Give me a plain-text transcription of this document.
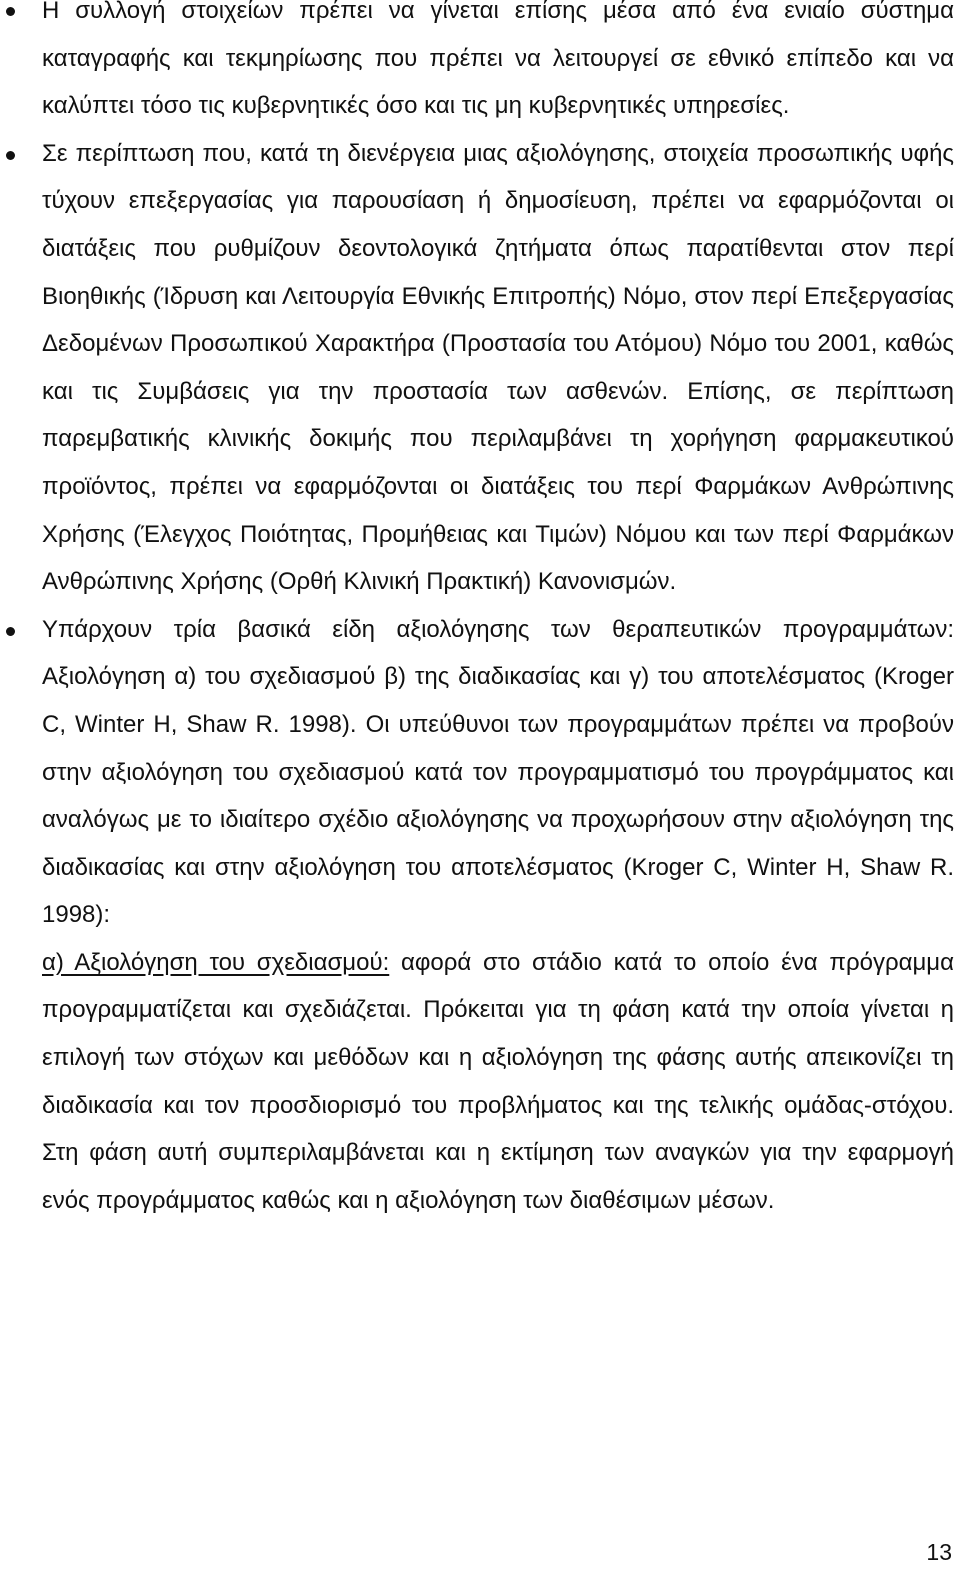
Η συλλογή στοιχείων πρέπει να γίνεται επίσης μέσα από ένα ενιαίο σύστημα καταγραφής και τεκμηρίωσης που πρέπει να λειτουργεί σε εθνικό επίπεδο και να καλύπτει τόσο τις κυβερνητικές όσο και τις μη κυβερνητικές υπηρεσίες.

Σε περίπτωση που, κατά τη διενέργεια μιας αξιολόγησης, στοιχεία προσωπικής υφής τύχουν επεξεργασίας για παρουσίαση ή δημοσίευση, πρέπει να εφαρμόζονται οι διατάξεις που ρυθμίζουν δεοντολογικά ζητήματα όπως παρατίθενται στον περί Βιοηθικής (Ίδρυση και Λειτουργία Εθνικής Επιτροπής) Νόμο, στον περί Επεξεργασίας Δεδομένων Προσωπικού Χαρακτήρα (Προστασία του Ατόμου) Νόμο του 2001, καθώς και τις Συμβάσεις για την προστασία των ασθενών. Επίσης, σε περίπτωση παρεμβατικής κλινικής δοκιμής που περιλαμβάνει τη χορήγηση φαρμακευτικού προϊόντος, πρέπει να εφαρμόζονται οι διατάξεις του περί Φαρμάκων Ανθρώπινης Χρήσης (Έλεγχος Ποιότητας, Προμήθειας και Τιμών) Νόμου και των περί Φαρμάκων Ανθρώπινης Χρήσης (Ορθή Κλινική Πρακτική) Κανονισμών.

Υπάρχουν τρία βασικά είδη αξιολόγησης των θεραπευτικών προγραμμάτων: Αξιολόγηση α) του σχεδιασμού β) της διαδικασίας και γ) του αποτελέσματος (Kroger C, Winter H, Shaw R. 1998). Οι υπεύθυνοι των προγραμμάτων πρέπει να προβούν στην αξιολόγηση του σχεδιασμού κατά τον προγραμματισμό του προγράμματος και αναλόγως με το ιδιαίτερο σχέδιο αξιολόγησης να προχωρήσουν στην αξιολόγηση της διαδικασίας και στην αξιολόγηση του αποτελέσματος (Kroger C, Winter H, Shaw R. 1998):

α) Αξιολόγηση του σχεδιασμού: αφορά στο στάδιο κατά το οποίο ένα πρόγραμμα προγραμματίζεται και σχεδιάζεται. Πρόκειται για τη φάση κατά την οποία γίνεται η επιλογή των στόχων και μεθόδων και η αξιολόγηση της φάσης αυτής απεικονίζει τη διαδικασία και τον προσδιορισμό του προβλήματος και της τελικής ομάδας-στόχου. Στη φάση αυτή συμπεριλαμβάνεται και η εκτίμηση των αναγκών για την εφαρμογή ενός προγράμματος καθώς και η αξιολόγηση των διαθέσιμων μέσων.

13
